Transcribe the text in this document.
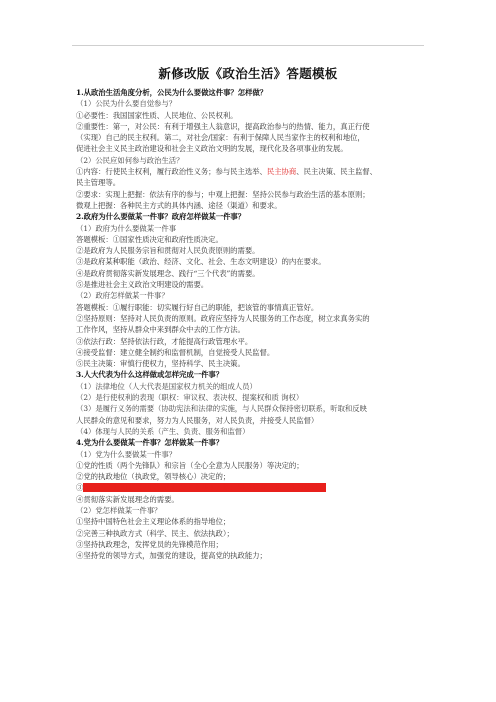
新修改版《政治生活》答题模板
1.从政治生活角度分析，公民为什么要做这件事？怎样做？
（1）公民为什么要自觉参与？
①必要性：我国国家性质、人民地位、公民权利。
②重要性：第一，对公民：有利于增强主人翁意识，提高政治参与的热情、能力，真正行使
（实现）自己的民主权利。第二，对社会/国家：有利于保障人民当家作主的权利和地位，
促进社会主义民主政治建设和社会主义政治文明的发展，现代化及各项事业的发展。
（2）公民应如何参与政治生活？
①内容：行使民主权利，履行政治性义务；参与民主选举、民主协商、民主决策、民主监督、
民主管理等。
②要求：实现上把握：依法有序的参与；中观上把握：坚持公民参与政治生活的基本原则；
微观上把握：各种民主方式的具体内涵、途径（渠道）和要求。
2.政府为什么要做某一件事？政府怎样做某一件事？
（1）政府为什么要做某一件事
答题模板：①国家性质决定和政府性质决定。
②是政府为人民服务宗旨和贯彻对人民负责原则的需要。
③是政府某种职能（政治、经济、文化、社会、生态文明建设）的内在要求。
④是政府贯彻落实新发展理念、践行“三个代表”的需要。
⑤是推进社会主义政治文明建设的需要。
（2）政府怎样做某一件事？
答题模板：①履行职能：切实履行好自己的职能，把该管的事情真正管好。
②坚持原则：坚持对人民负责的原则。政府应坚持为人民服务的工作态度，树立求真务实的
工作作风，坚持从群众中来到群众中去的工作方法。
③依法行政：坚持依法行政，才能提高行政管理水平。
④接受监督：建立健全制约和监督机制，自觉接受人民监督。
⑤民主决策：审慎行使权力，坚持科学、民主决策。
3.人大代表为什么这样做或怎样完成一件事？
（1）法律地位（人大代表是国家权力机关的组成人员）
（2）是行使权利的表现（职权：审议权、表决权、提案权和质 询权）
（3）是履行义务的需要（协助宪法和法律的实施，与人民群众保持密切联系，听取和反映
人民群众的意见和要求，努力为人民服务，对人民负责，并接受人民监督）
（4）体现与人民的关系（产生、负责、服务和监督）
4.党为什么要做某一件事？怎样做某一件事？
（1）党为什么要做某一件事？
①党的性质（两个先锋队）和宗旨（全心全意为人民服务）等决定的；
②党的执政地位（执政党，领导核心）决定的；
③新时代坚持和发展中国特色社会主义基本方略：坚持党对一切工作的领导。
④贯彻落实新发展理念的需要。
（2）党怎样做某一件事？
①坚持中国特色社会主义理论体系的指导地位；
②完善三种执政方式（科学、民主、依法执政）；
③坚持执政理念，发挥党员的先锋模范作用；
④坚持党的领导方式，加强党的建设，提高党的执政能力；
